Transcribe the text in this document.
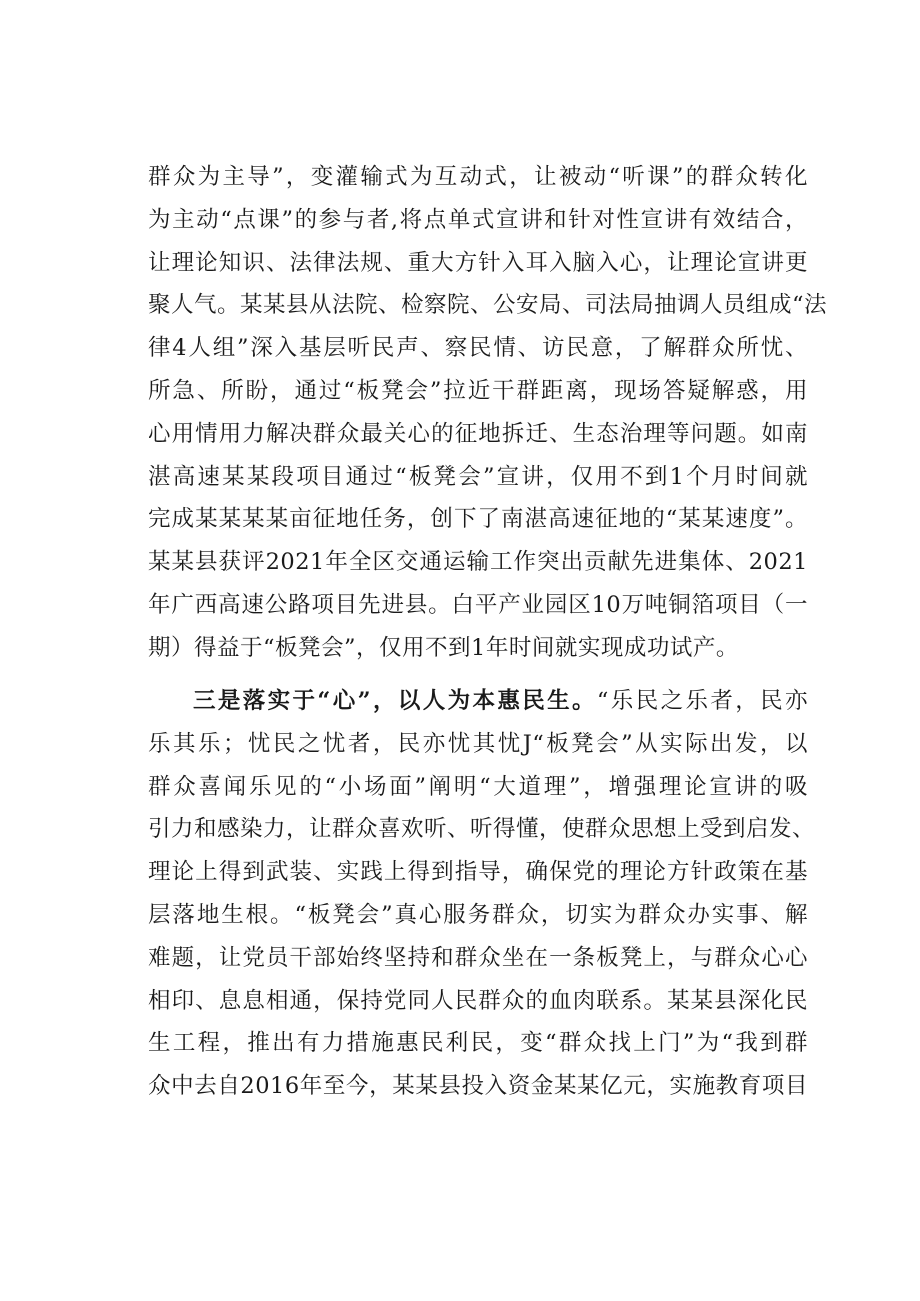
群众为主导”，变灌输式为互动式，让被动“听课”的群众转化
为主动“点课”的参与者,将点单式宣讲和针对性宣讲有效结合，
让理论知识、法律法规、重大方针入耳入脑入心，让理论宣讲更
聚人气。某某县从法院、检察院、公安局、司法局抽调人员组成“法
律4人组”深入基层听民声、察民情、访民意，了解群众所忧、
所急、所盼，通过“板凳会”拉近干群距离，现场答疑解惑，用
心用情用力解决群众最关心的征地拆迁、生态治理等问题。如南
湛高速某某段项目通过“板凳会”宣讲，仅用不到1个月时间就
完成某某某某亩征地任务，创下了南湛高速征地的“某某速度”。
某某县获评2021年全区交通运输工作突出贡献先进集体、2021
年广西高速公路项目先进县。白平产业园区10万吨铜箔项目（一
期）得益于“板凳会”，仅用不到1年时间就实现成功试产。
三是落实于“心”，以人为本惠民生。“乐民之乐者，民亦
乐其乐；忧民之忧者，民亦忧其忧J“板凳会”从实际出发，以
群众喜闻乐见的“小场面”阐明“大道理”，增强理论宣讲的吸
引力和感染力，让群众喜欢听、听得懂，使群众思想上受到启发、
理论上得到武装、实践上得到指导，确保党的理论方针政策在基
层落地生根。“板凳会”真心服务群众，切实为群众办实事、解
难题，让党员干部始终坚持和群众坐在一条板凳上，与群众心心
相印、息息相通，保持党同人民群众的血肉联系。某某县深化民
生工程，推出有力措施惠民利民，变“群众找上门”为“我到群
众中去自2016年至今，某某县投入资金某某亿元，实施教育项目
